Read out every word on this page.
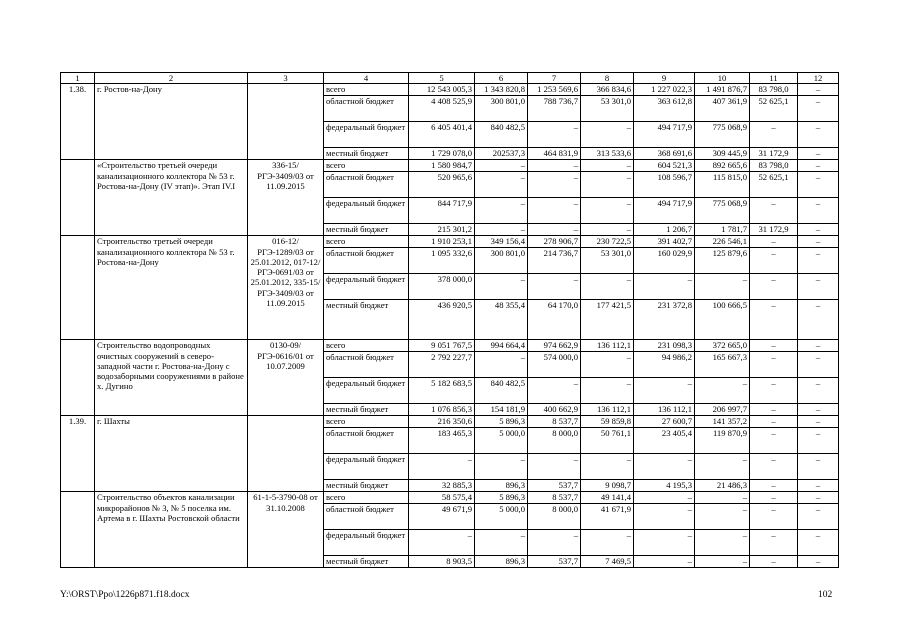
1	2	3	4	5	6	7	8	9	10	11	12
1.38.	г. Ростов-на-Дону		всего	12 543 005,3	1 343 820,8	1 253 569,6	366 834,6	1 227 022,3	1 491 876,7	83 798,0	–
			областной бюджет	4 408 525,9	300 801,0	788 736,7	53 301,0	363 612,8	407 361,9	52 625,1	–
			федеральный бюджет	6 405 401,4	840 482,5	–	–	494 717,9	775 068,9	–	–
			местный бюджет	1 729 078,0	202537,3	464 831,9	313 533,6	368 691,6	309 445,9	31 172,9	–
	«Строительство третьей очереди канализационного коллектора № 53 г. Ростова-на-Дону (IV этап)». Этап IV.I	336-15/РГЭ-3409/03 от 11.09.2015	всего	1 580 984,7	–	–	–	604 521,3	892 665,6	83 798,0	–
			областной бюджет	520 965,6	–	–	–	108 596,7	115 815,0	52 625,1	–
			федеральный бюджет	844 717,9	–	–	–	494 717,9	775 068,9	–	–
			местный бюджет	215 301,2	–	–	–	1 206,7	1 781,7	31 172,9	–
	Строительство третьей очереди канализационного коллектора № 53 г. Ростова-на-Дону	016-12/РГЭ-1289/03 от 25.01.2012, 017-12/РГЭ-0691/03 от 25.01.2012, 335-15/РГЭ-3409/03 от 11.09.2015	всего	1 910 253,1	349 156,4	278 906,7	230 722,5	391 402,7	226 546,1	–	–
			областной бюджет	1 095 332,6	300 801,0	214 736,7	53 301,0	160 029,9	125 879,6	–	–
			федеральный бюджет	378 000,0	–	–	–	–	–	–	–
			местный бюджет	436 920,5	48 355,4	64 170,0	177 421,5	231 372,8	100 666,5	–	–
	Строительство водопроводных очистных сооружений в северо-западной части г. Ростова-на-Дону с водозаборными сооружениями в районе х. Дугино	0130-09/РГЭ-0616/01 от 10.07.2009	всего	9 051 767,5	994 664,4	974 662,9	136 112,1	231 098,3	372 665,0	–	–
			областной бюджет	2 792 227,7	–	574 000,0	–	94 986,2	165 667,3	–	–
			федеральный бюджет	5 182 683,5	840 482,5	–	–	–	–	–	–
			местный бюджет	1 076 856,3	154 181,9	400 662,9	136 112,1	136 112,1	206 997,7	–	–
1.39.	г. Шахты		всего	216 350,6	5 896,3	8 537,7	59 859,8	27 600,7	141 357,2	–	–
			областной бюджет	183 465,3	5 000,0	8 000,0	50 761,1	23 405,4	119 870,9	–	–
			федеральный бюджет	–	–	–	–	–	–	–	–
			местный бюджет	32 885,3	896,3	537,7	9 098,7	4 195,3	21 486,3	–	–
	Строительство объектов канализации микрорайонов № 3, № 5 поселка им. Артема в г. Шахты Ростовской области	61-1-5-3790-08 от 31.10.2008	всего	58 575,4	5 896,3	8 537,7	49 141,4	–	–	–	–
			областной бюджет	49 671,9	5 000,0	8 000,0	41 671,9	–	–	–	–
			федеральный бюджет	–	–	–	–	–	–	–	–
			местный бюджет	8 903,5	896,3	537,7	7 469,5	–	–	–	–
Y:\ORST\Ppo\1226p871.f18.docx	102
